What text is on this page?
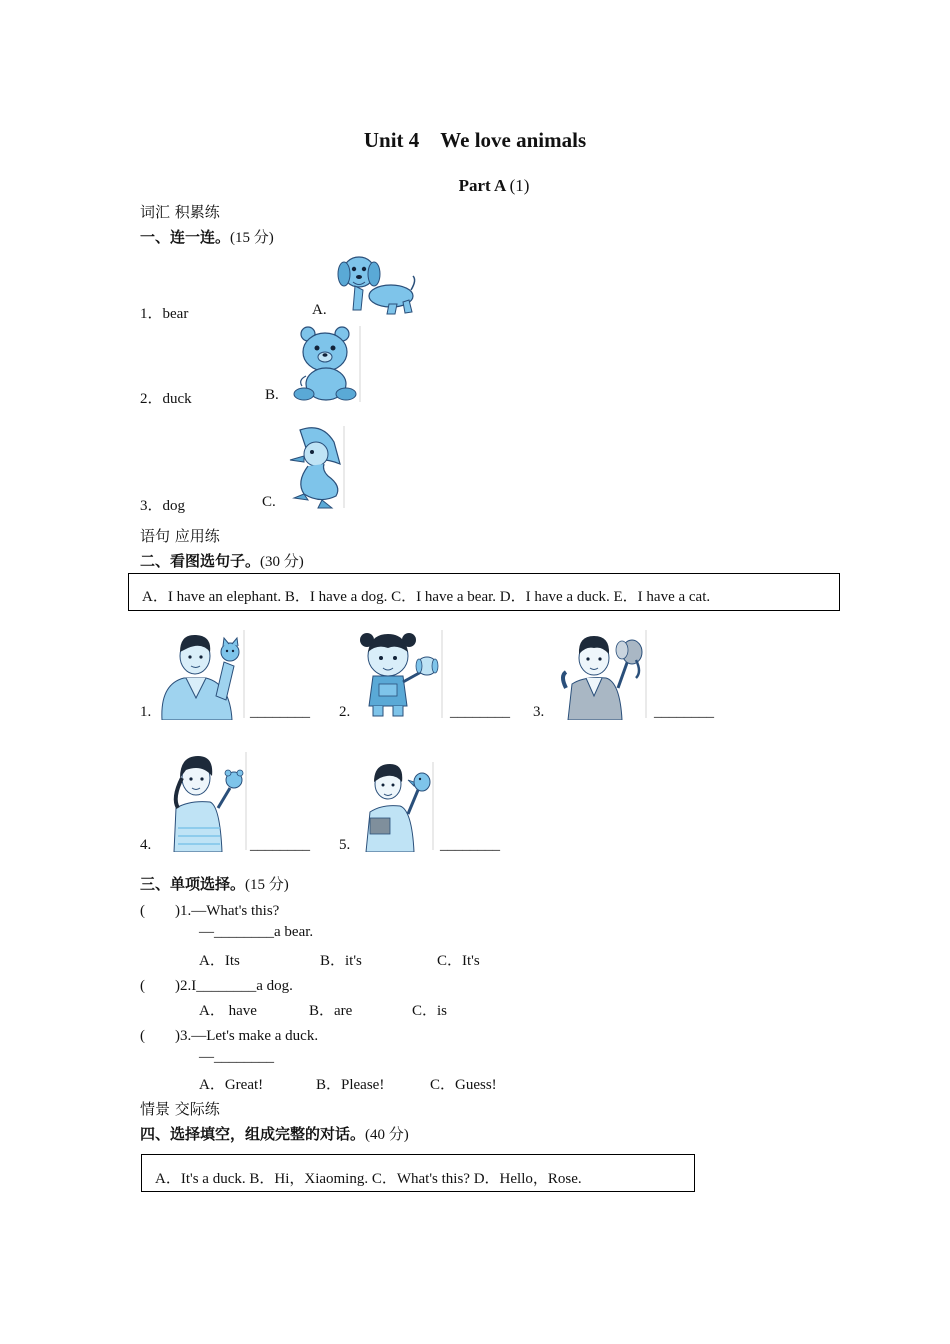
Unit 4　We love animals
Part A (1)
词汇 积累练
一、连一连。(15 分)
1．bear
2．duck
3．dog
A.
B.
C.
语句 应用练
二、看图选句子。(30 分)
A．I have an elephant. B．I have a dog. C．I have a bear. D．I have a duck. E．I have a cat.
1.	________ 2.	________ 3.	________
4.	________ 5.	________
三、单项选择。(15 分)
(　　)1.—What's this?
—________a bear.
A．Its	B．it's	C．It's
(　　)2.I________a dog.
A． have	B．are	C．is
(　　)3.—Let's make a duck.
—________
A．Great!	B．Please!	C．Guess!
情景 交际练
四、选择填空，组成完整的对话。(40 分)
A．It's a duck. B．Hi，Xiaoming. C．What's this? D．Hello，Rose.
